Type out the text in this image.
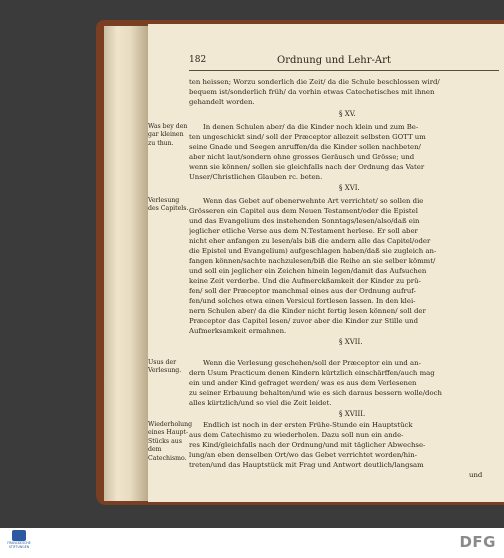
182	Ordnung und Lehr-Art
ten heissen; Worzu sonderlich die Zeit/ da die Schule beschlossen wird/
bequem ist/sonderlich früh/ da vorhin etwas Catechetisches mit ihnen
gehandelt worden.
§ XV.
Was bey den gar kleinen zu thun.
In denen Schulen aber/ da die Kinder noch klein und zum Be-
ten ungeschickt sind/ soll der Præceptor allezeit selbsten GOTT um
seine Gnade und Seegen anruffen/da die Kinder sollen nachbeten/
aber nicht laut/sondern ohne grosses Geräusch und Grösse; und
wenn sie können/ sollen sie gleichfalls nach der Ordnung das Vater
Unser/Christlichen Glauben rc. beten.
§ XVI.
Verlesung des Capitels.
Wenn das Gebet auf obenerwehnte Art verrichtet/ so sollen die
Grösseren ein Capitel aus dem Neuen Testament/oder die Epistel
und das Evangelium des instehenden Sonntags/lesen/also/daß ein
jeglicher etliche Verse aus dem N.Testament herlese. Er soll aber
nicht eher anfangen zu lesen/als biß die andern alle das Capitel/oder
die Epistel und Evangelium) aufgeschlagen haben/daß sie zugleich an-
fangen können/sachte nachzulesen/biß die Reihe an sie selber kömmt/
und soll ein jeglicher ein Zeichen hinein legen/damit das Aufsuchen
keine Zeit verderbe. Und die Aufmerckßamkeit der Kinder zu prü-
fen/ soll der Præceptor manchmal eines aus der Ordnung aufruf-
fen/und solches etwa einen Versicul fortlesen lassen. In den klei-
nern Schulen aber/ da die Kinder nicht fertig lesen können/ soll der
Præceptor das Capitel lesen/ zuvor aber die Kinder zur Stille und
Aufmerksamkeit ermahnen.
§ XVII.
Usus der Verlesung.
Wenn die Verlesung geschehen/soll der Præceptor ein und an-
dern Usum Practicum denen Kindern kürtzlich einschärffen/auch mag
ein und ander Kind gefraget werden/ was es aus dem Verlesenen
zu seiner Erbauung behalten/und wie es sich daraus bessern wolle/doch
alles kürtzlich/und so viel die Zeit leidet.
§ XVIII.
Wiederholung eines Haupt-Stücks aus dem Catechismo.
Endlich ist noch in der ersten Frühe-Stunde ein Hauptstück
aus dem Catechismo zu wiederholen. Dazu soll nun ein ande-
res Kind/gleichfalls nach der Ordnung/und mit täglicher Abwechse-
lung/an eben denselben Ort/wo das Gebet verrichtet worden/hin-
treten/und das Hauptstück mit Frag und Antwort deutlich/langsam
und
FRANCKESCHE STIFTUNGEN	DFG
